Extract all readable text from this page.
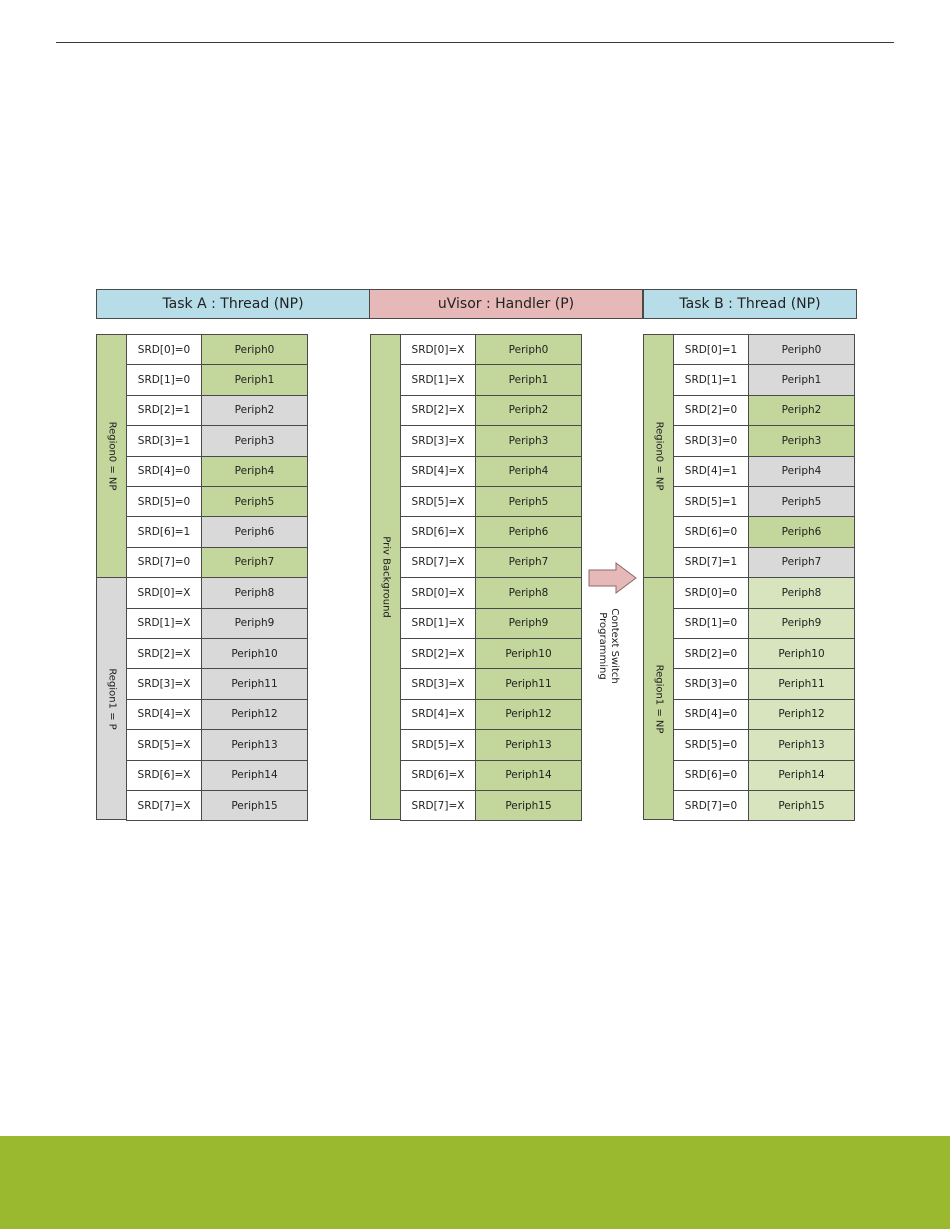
Task A : Thread (NP)	uVisor : Handler (P)	Task B : Thread (NP)
Region0 = NP
Region1 = P
SRD[0]=0	Periph0
SRD[1]=0	Periph1
SRD[2]=1	Periph2
SRD[3]=1	Periph3
SRD[4]=0	Periph4
SRD[5]=0	Periph5
SRD[6]=1	Periph6
SRD[7]=0	Periph7
SRD[0]=X	Periph8
SRD[1]=X	Periph9
SRD[2]=X	Periph10
SRD[3]=X	Periph11
SRD[4]=X	Periph12
SRD[5]=X	Periph13
SRD[6]=X	Periph14
SRD[7]=X	Periph15
Priv Background
SRD[0]=X	Periph0
SRD[1]=X	Periph1
SRD[2]=X	Periph2
SRD[3]=X	Periph3
SRD[4]=X	Periph4
SRD[5]=X	Periph5
SRD[6]=X	Periph6
SRD[7]=X	Periph7
SRD[0]=X	Periph8
SRD[1]=X	Periph9
SRD[2]=X	Periph10
SRD[3]=X	Periph11
SRD[4]=X	Periph12
SRD[5]=X	Periph13
SRD[6]=X	Periph14
SRD[7]=X	Periph15
Region0 = NP
Region1 = NP
SRD[0]=1	Periph0
SRD[1]=1	Periph1
SRD[2]=0	Periph2
SRD[3]=0	Periph3
SRD[4]=1	Periph4
SRD[5]=1	Periph5
SRD[6]=0	Periph6
SRD[7]=1	Periph7
SRD[0]=0	Periph8
SRD[1]=0	Periph9
SRD[2]=0	Periph10
SRD[3]=0	Periph11
SRD[4]=0	Periph12
SRD[5]=0	Periph13
SRD[6]=0	Periph14
SRD[7]=0	Periph15
Context Switch Programming
